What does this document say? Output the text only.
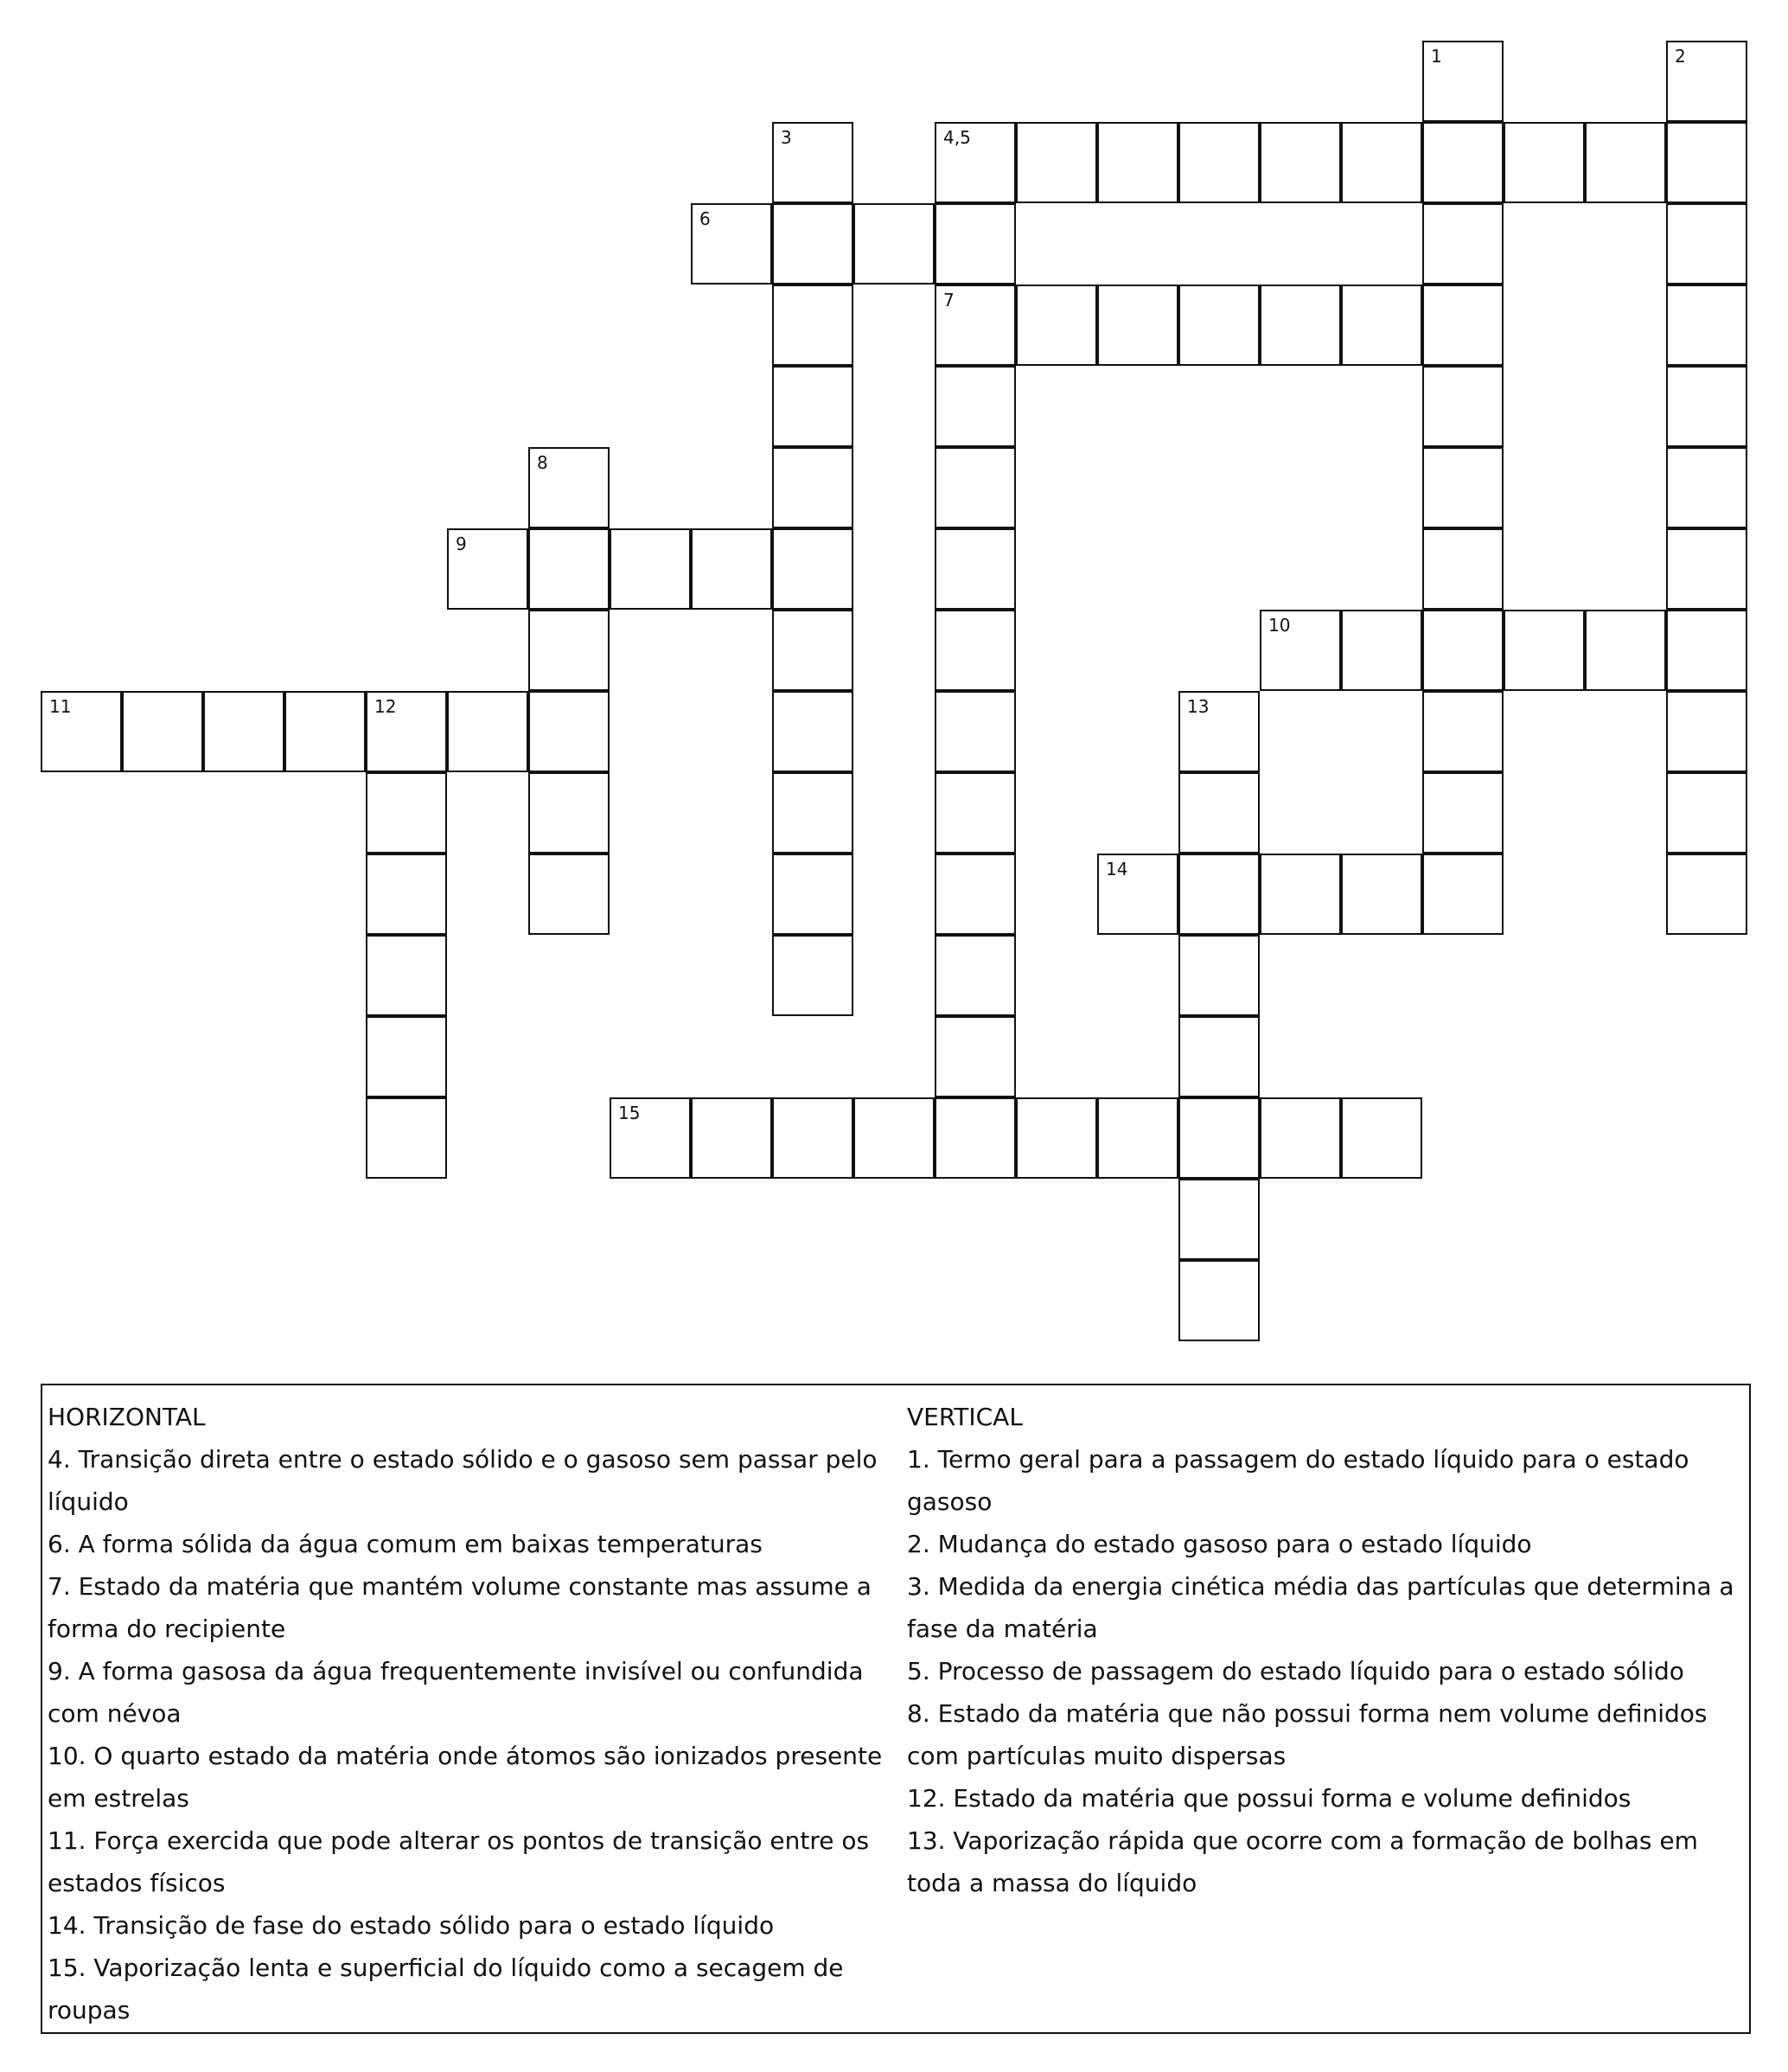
1	2
3	4,5
6
7
8
9
10
11	12	13
14
15
HORIZONTAL
4. Transição direta entre o estado sólido e o gasoso sem passar pelo líquido
6. A forma sólida da água comum em baixas temperaturas
7. Estado da matéria que mantém volume constante mas assume a forma do recipiente
9. A forma gasosa da água frequentemente invisível ou confundida com névoa
10. O quarto estado da matéria onde átomos são ionizados presente em estrelas
11. Força exercida que pode alterar os pontos de transição entre os estados físicos
14. Transição de fase do estado sólido para o estado líquido
15. Vaporização lenta e superficial do líquido como a secagem de roupas
VERTICAL
1. Termo geral para a passagem do estado líquido para o estado gasoso
2. Mudança do estado gasoso para o estado líquido
3. Medida da energia cinética média das partículas que determina a fase da matéria
5. Processo de passagem do estado líquido para o estado sólido
8. Estado da matéria que não possui forma nem volume definidos com partículas muito dispersas
12. Estado da matéria que possui forma e volume definidos
13. Vaporização rápida que ocorre com a formação de bolhas em toda a massa do líquido
